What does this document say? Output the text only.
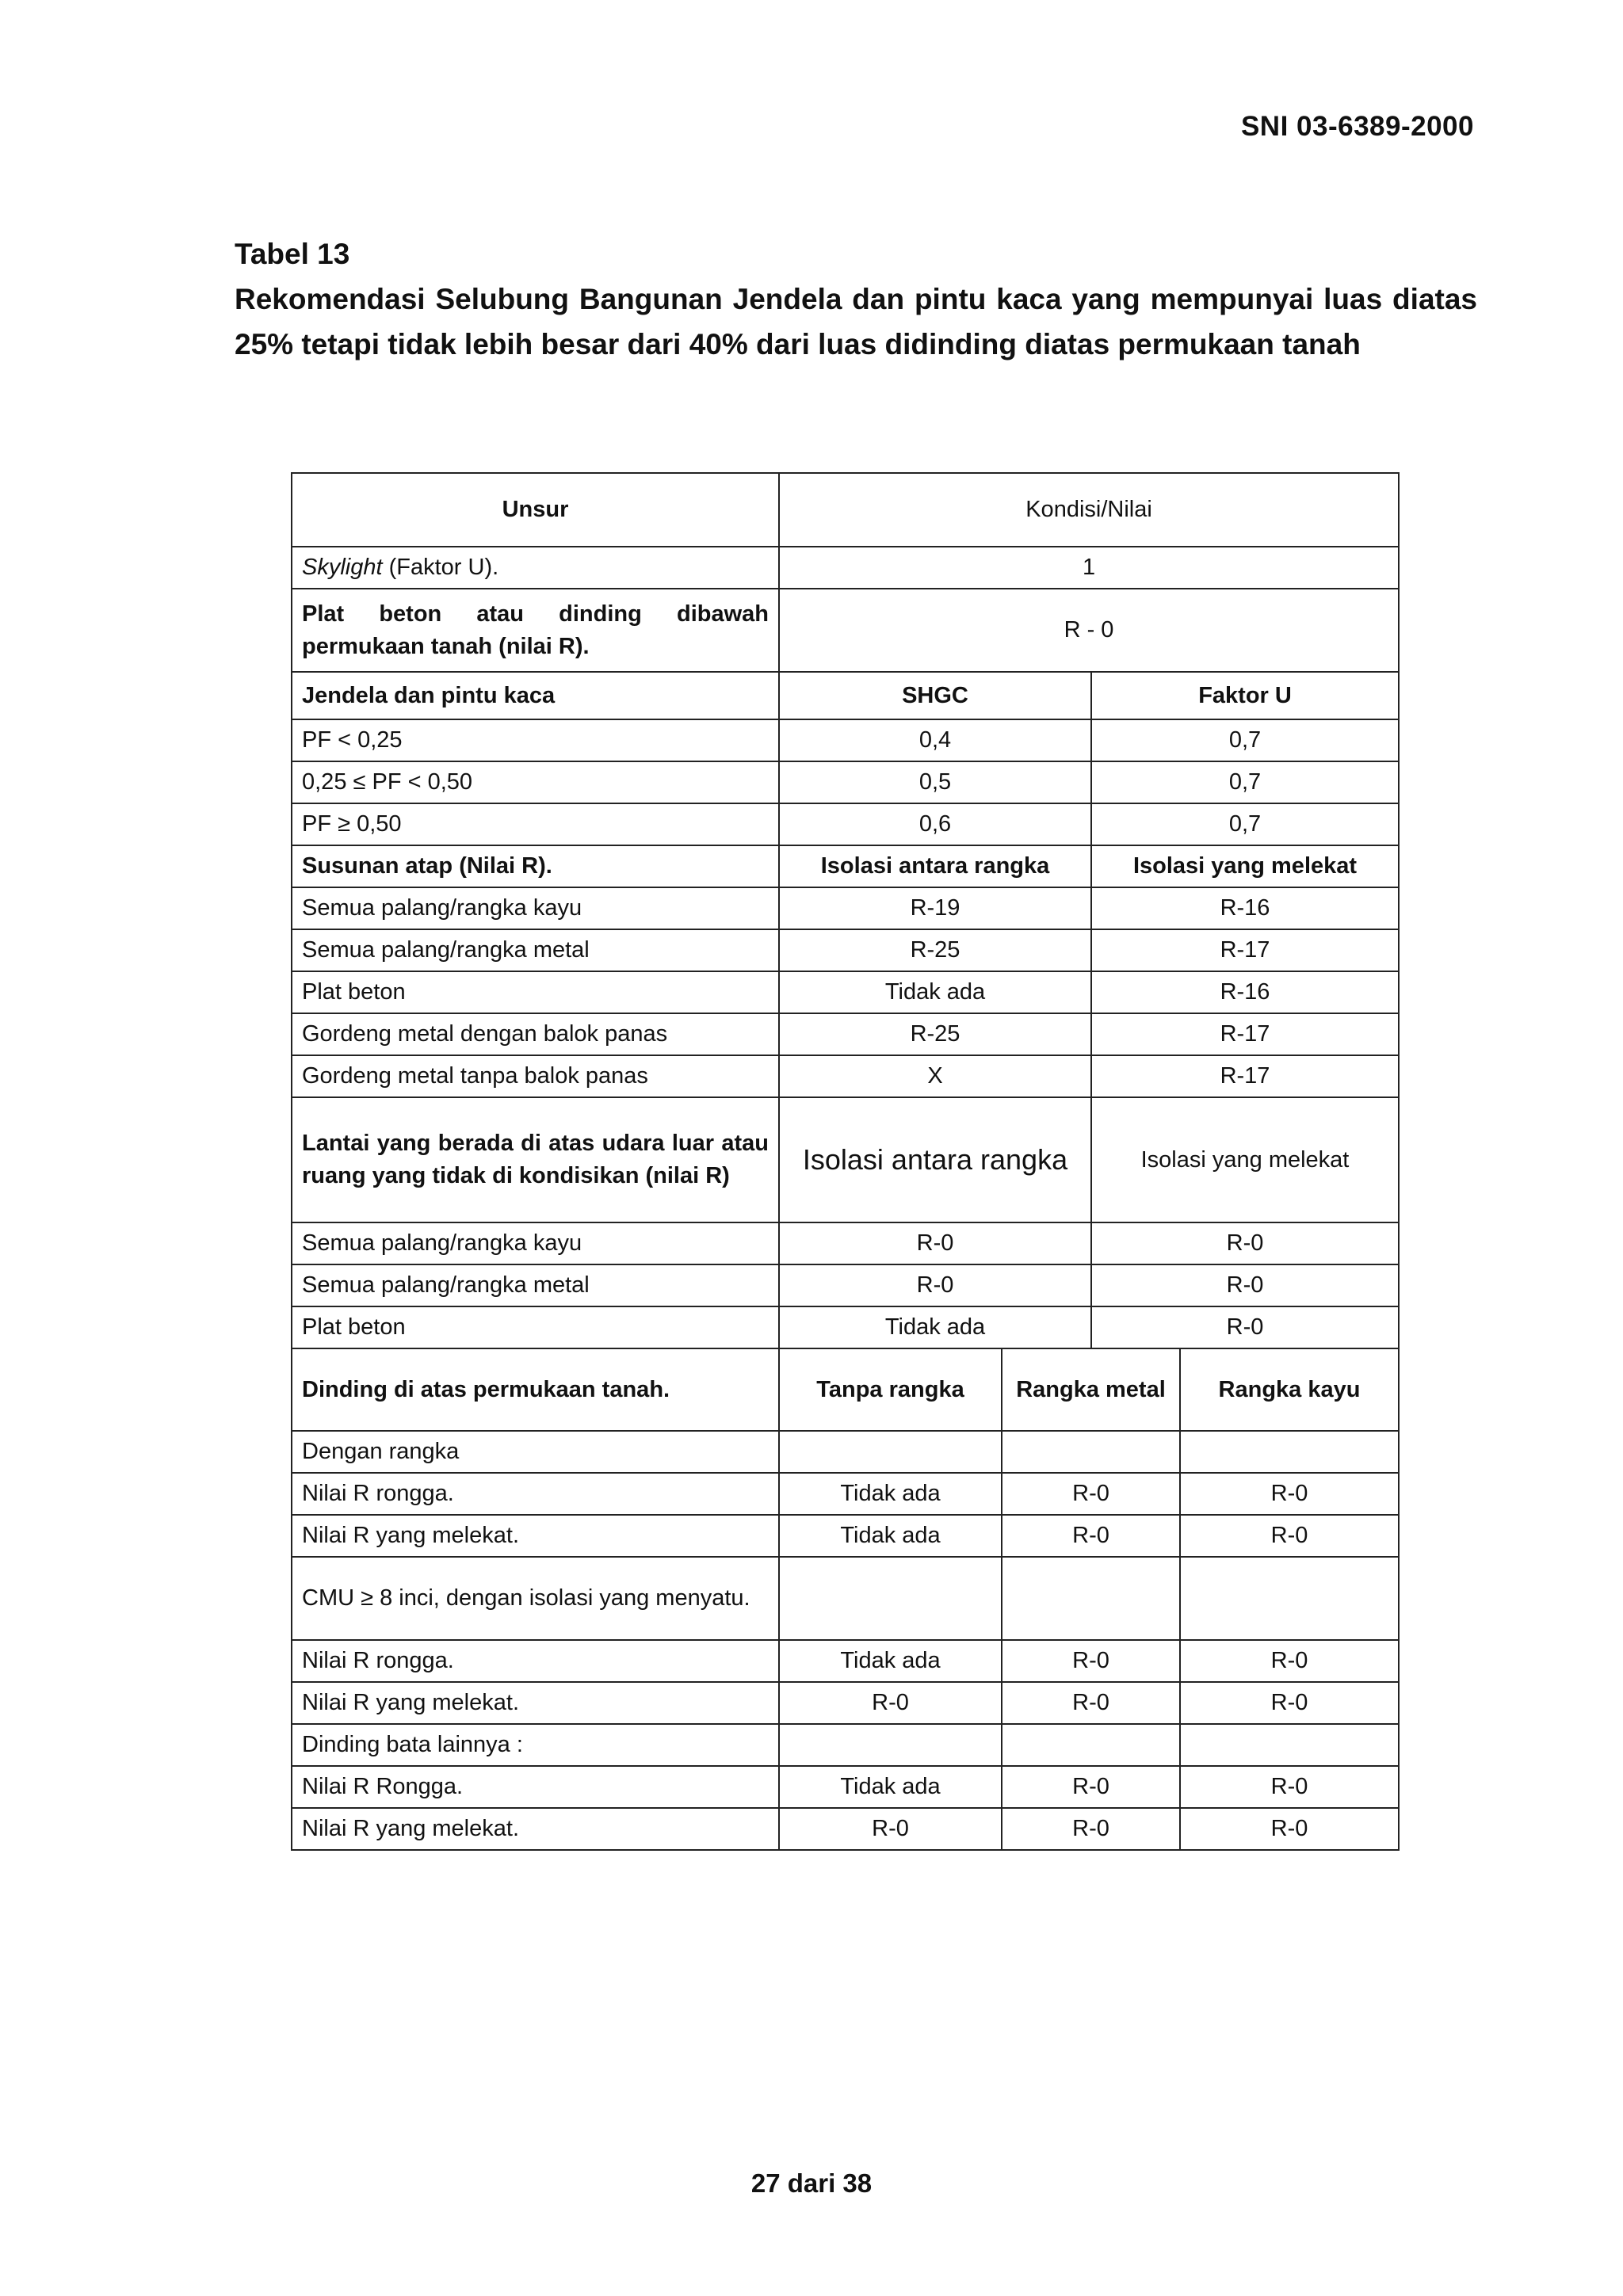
SNI 03-6389-2000
Tabel 13
Rekomendasi Selubung Bangunan Jendela dan pintu kaca yang mempunyai luas diatas 25% tetapi tidak lebih besar dari 40% dari luas didinding diatas permukaan tanah
Unsur	Kondisi/Nilai			
Skylight (Faktor U).	1			
Plat beton atau dinding dibawah permukaan tanah (nilai R).	R - 0			
Jendela dan pintu kaca	SHGC		Faktor U	
PF < 0,25	0,4		0,7	
0,25 ≤ PF < 0,50	0,5		0,7	
PF ≥ 0,50	0,6		0,7	
Susunan atap (Nilai R).	Isolasi antara rangka		Isolasi yang melekat	
Semua palang/rangka kayu	R-19		R-16	
Semua palang/rangka metal	R-25		R-17	
Plat beton	Tidak ada		R-16	
Gordeng metal dengan balok panas	R-25		R-17	
Gordeng metal tanpa balok panas	X		R-17	
Lantai yang berada di atas udara luar atau ruang yang tidak di kondisikan (nilai R)	Isolasi antara rangka		Isolasi yang melekat	
Semua palang/rangka kayu	R-0		R-0	
Semua palang/rangka metal	R-0		R-0	
Plat beton	Tidak ada		R-0	
Dinding di atas permukaan tanah.	Tanpa rangka	Rangka metal		Rangka kayu
Dengan rangka				
Nilai R rongga.	Tidak ada	R-0		R-0
Nilai R yang melekat.	Tidak ada	R-0		R-0
CMU ≥ 8 inci, dengan isolasi yang menyatu.				
Nilai R rongga.	Tidak ada	R-0		R-0
Nilai R yang melekat.	R-0	R-0		R-0
Dinding bata lainnya :				
Nilai R Rongga.	Tidak ada	R-0		R-0
Nilai R yang melekat.	R-0	R-0		R-0
27 dari 38
